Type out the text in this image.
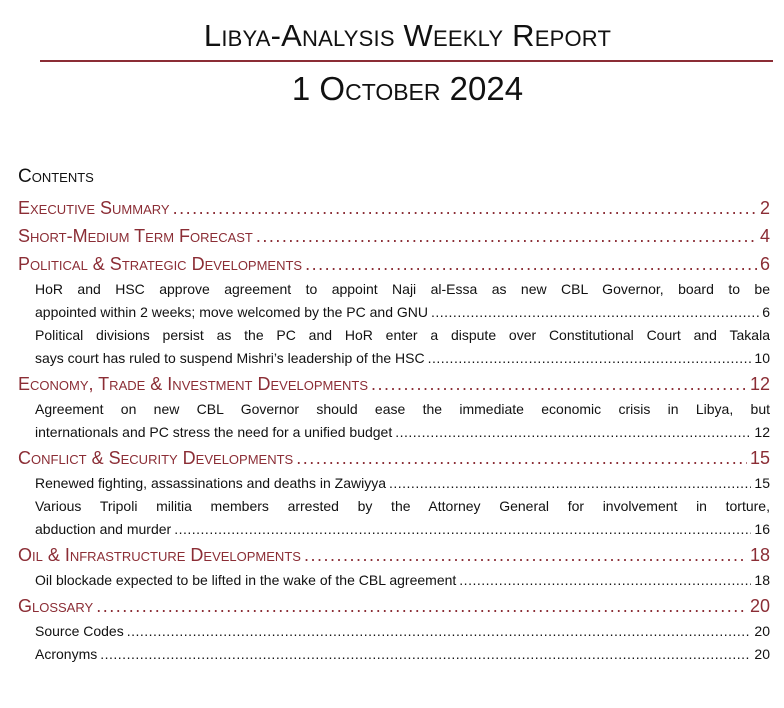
Libya-Analysis Weekly Report
1 October 2024
Contents
Executive Summary .....	2
Short-Medium Term Forecast .....	4
Political & Strategic Developments .....	6
HoR and HSC approve agreement to appoint Naji al-Essa as new CBL Governor, board to be
appointed within 2 weeks; move welcomed by the PC and GNU .....	6
Political divisions persist as the PC and HoR enter a dispute over Constitutional Court and Takala
says court has ruled to suspend Mishri’s leadership of the HSC .....	10
Economy, Trade & Investment Developments .....	12
Agreement on new CBL Governor should ease the immediate economic crisis in Libya, but
internationals and PC stress the need for a unified budget .....	12
Conflict & Security Developments .....	15
Renewed fighting, assassinations and deaths in Zawiyya .....	15
Various Tripoli militia members arrested by the Attorney General for involvement in torture,
abduction and murder .....	16
Oil & Infrastructure Developments .....	18
Oil blockade expected to be lifted in the wake of the CBL agreement .....	18
Glossary .....	20
Source Codes .....	20
Acronyms .....	20
